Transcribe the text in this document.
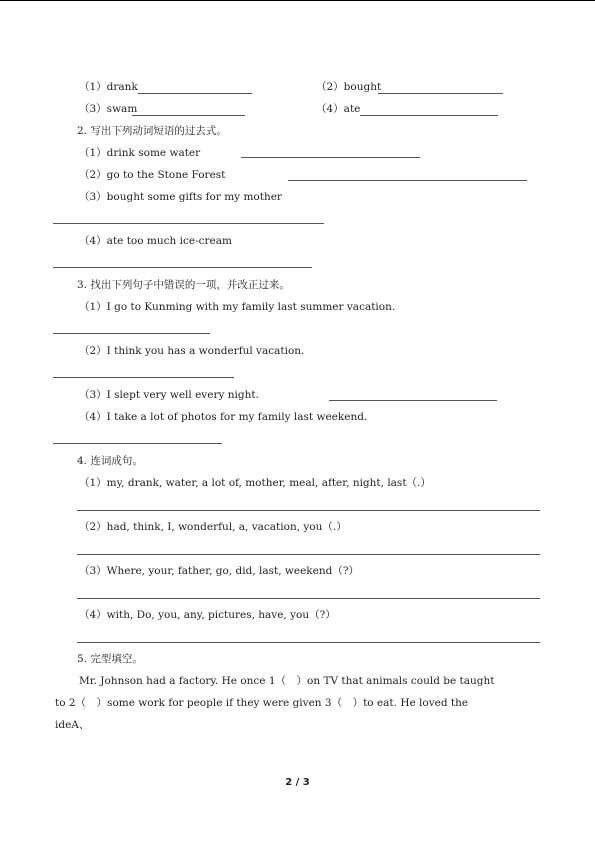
（1）drank	（2）bought
（3）swam	（4）ate
2. 写出下列动词短语的过去式。
（1）drink some water
（2）go to the Stone Forest
（3）bought some gifts for my mother
（4）ate too much ice-cream
3. 找出下列句子中错误的一项，并改正过来。
（1）I go to Kunming with my family last summer vacation.
（2）I think you has a wonderful vacation.
（3）I slept very well every night.
（4）I take a lot of photos for my family last weekend.
4. 连词成句。
（1）my, drank, water, a lot of, mother, meal, after, night, last（.）
（2）had, think, I, wonderful, a, vacation, you（.）
（3）Where, your, father, go, did, last, weekend（?）
（4）with, Do, you, any, pictures, have, you（?）
5. 完型填空。
Mr. Johnson had a factory. He once 1（　）on TV that animals could be taught
to 2（　）some work for people if they were given 3（　）to eat. He loved the
ideA、
2 / 3
